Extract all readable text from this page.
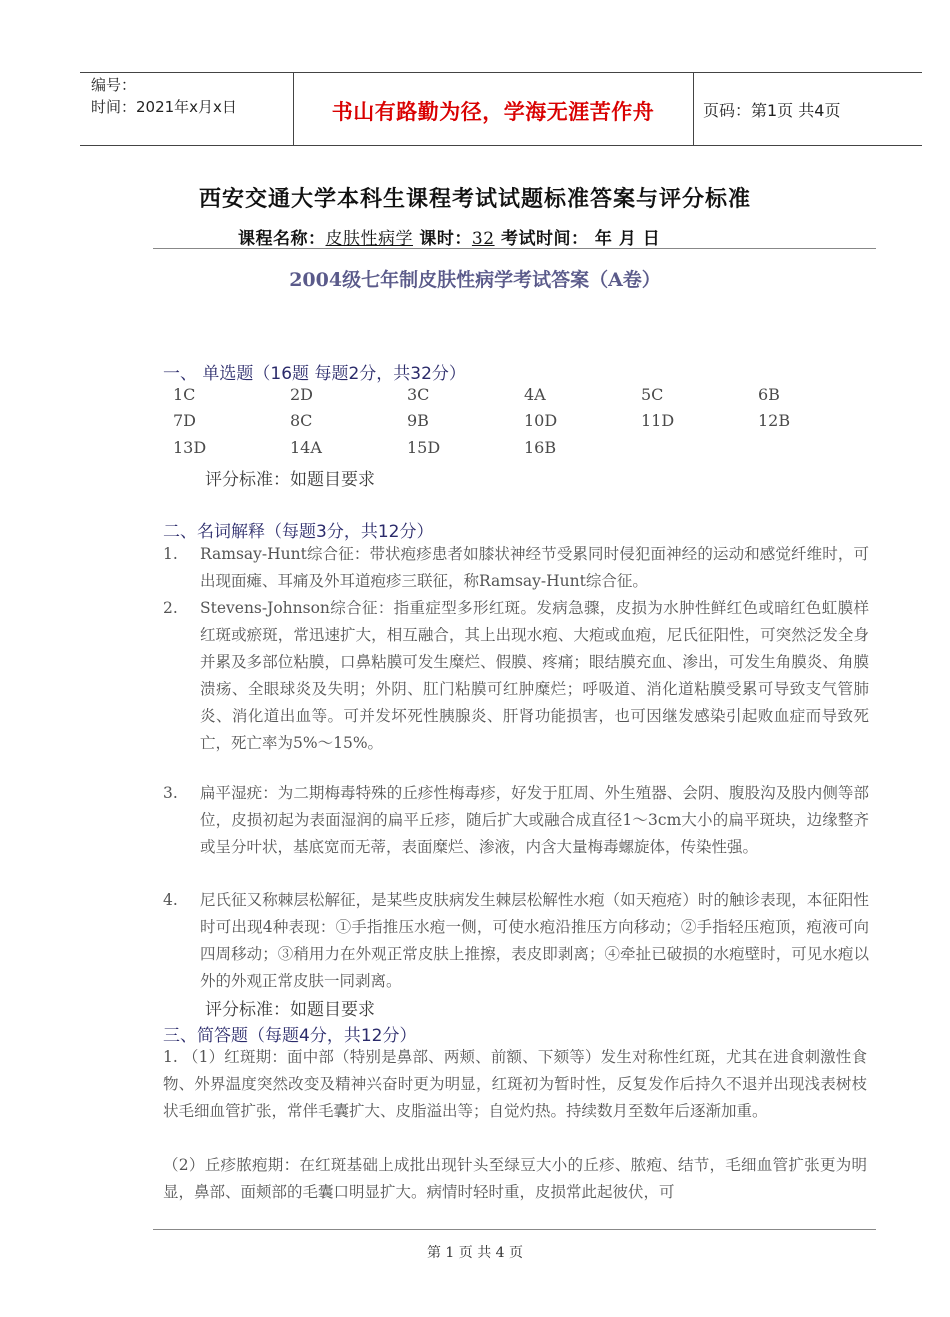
编号：
时间：2021年x月x日	书山有路勤为径，学海无涯苦作舟	页码：第1页 共4页
西安交通大学本科生课程考试试题标准答案与评分标准
课程名称：皮肤性病学 课时：32 考试时间： 年 月 日
2004级七年制皮肤性病学考试答案（A卷）
一、 单选题（16题 每题2分，共32分）
1C	2D	3C	4A	5C	6B
7D	8C	9B	10D	11D	12B
13D	14A	15D	16B
评分标准：如题目要求
二、名词解释（每题3分，共12分）
1. Ramsay-Hunt综合征：带状疱疹患者如膝状神经节受累同时侵犯面神经的运动和感觉纤维时，可出现面瘫、耳痛及外耳道疱疹三联征，称Ramsay-Hunt综合征。
2. Stevens-Johnson综合征：指重症型多形红斑。发病急骤，皮损为水肿性鲜红色或暗红色虹膜样红斑或瘀斑，常迅速扩大，相互融合，其上出现水疱、大疱或血疱，尼氏征阳性，可突然泛发全身并累及多部位粘膜，口鼻粘膜可发生糜烂、假膜、疼痛；眼结膜充血、渗出，可发生角膜炎、角膜溃疡、全眼球炎及失明；外阴、肛门粘膜可红肿糜烂；呼吸道、消化道粘膜受累可导致支气管肺炎、消化道出血等。可并发坏死性胰腺炎、肝肾功能损害，也可因继发感染引起败血症而导致死亡，死亡率为5%～15%。
3. 扁平湿疣：为二期梅毒特殊的丘疹性梅毒疹，好发于肛周、外生殖器、会阴、腹股沟及股内侧等部位，皮损初起为表面湿润的扁平丘疹，随后扩大或融合成直径1～3cm大小的扁平斑块，边缘整齐或呈分叶状，基底宽而无蒂，表面糜烂、渗液，内含大量梅毒螺旋体，传染性强。
4. 尼氏征又称棘层松解征，是某些皮肤病发生棘层松解性水疱（如天疱疮）时的触诊表现，本征阳性时可出现4种表现：①手指推压水疱一侧，可使水疱沿推压方向移动；②手指轻压疱顶，疱液可向四周移动；③稍用力在外观正常皮肤上推擦，表皮即剥离；④牵扯已破损的水疱壁时，可见水疱以外的外观正常皮肤一同剥离。
评分标准：如题目要求
三、简答题（每题4分，共12分）
1. （1）红斑期：面中部（特别是鼻部、两颊、前额、下颏等）发生对称性红斑，尤其在进食刺激性食物、外界温度突然改变及精神兴奋时更为明显，红斑初为暂时性，反复发作后持久不退并出现浅表树枝状毛细血管扩张，常伴毛囊扩大、皮脂溢出等；自觉灼热。持续数月至数年后逐渐加重。
（2）丘疹脓疱期：在红斑基础上成批出现针头至绿豆大小的丘疹、脓疱、结节，毛细血管扩张更为明显，鼻部、面颊部的毛囊口明显扩大。病情时轻时重，皮损常此起彼伏，可
第 1 页 共 4 页
